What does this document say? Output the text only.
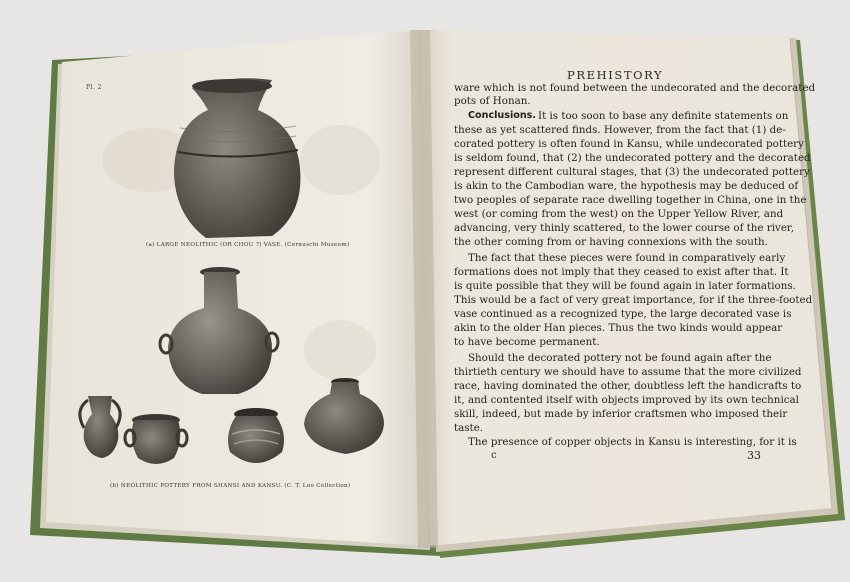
Pl. 2
(a) LARGE NEOLITHIC (OR CHOU ?) VASE. (Cernuschi Museum)
(b) NEOLITHIC POTTERY FROM SHANSI AND KANSU. (C. T. Loo Collection)
PREHISTORY
ware which is not found between the undecorated and the decorated
pots of Honan.
Conclusions. It is too soon to base any definite statements on
these as yet scattered finds. However, from the fact that (1) de-
corated pottery is often found in Kansu, while undecorated pottery
is seldom found, that (2) the undecorated pottery and the decorated
represent different cultural stages, that (3) the undecorated pottery
is akin to the Cambodian ware, the hypothesis may be deduced of
two peoples of separate race dwelling together in China, one in the
west (or coming from the west) on the Upper Yellow River, and
advancing, very thinly scattered, to the lower course of the river,
the other coming from or having connexions with the south.
The fact that these pieces were found in comparatively early
formations does not imply that they ceased to exist after that. It
is quite possible that they will be found again in later formations.
This would be a fact of very great importance, for if the three-footed
vase continued as a recognized type, the large decorated vase is
akin to the older Han pieces. Thus the two kinds would appear
to have become permanent.
Should the decorated pottery not be found again after the
thirtieth century we should have to assume that the more civilized
race, having dominated the other, doubtless left the handicrafts to
it, and contented itself with objects improved by its own technical
skill, indeed, but made by inferior craftsmen who imposed their
taste.
The presence of copper objects in Kansu is interesting, for it is
c	33
